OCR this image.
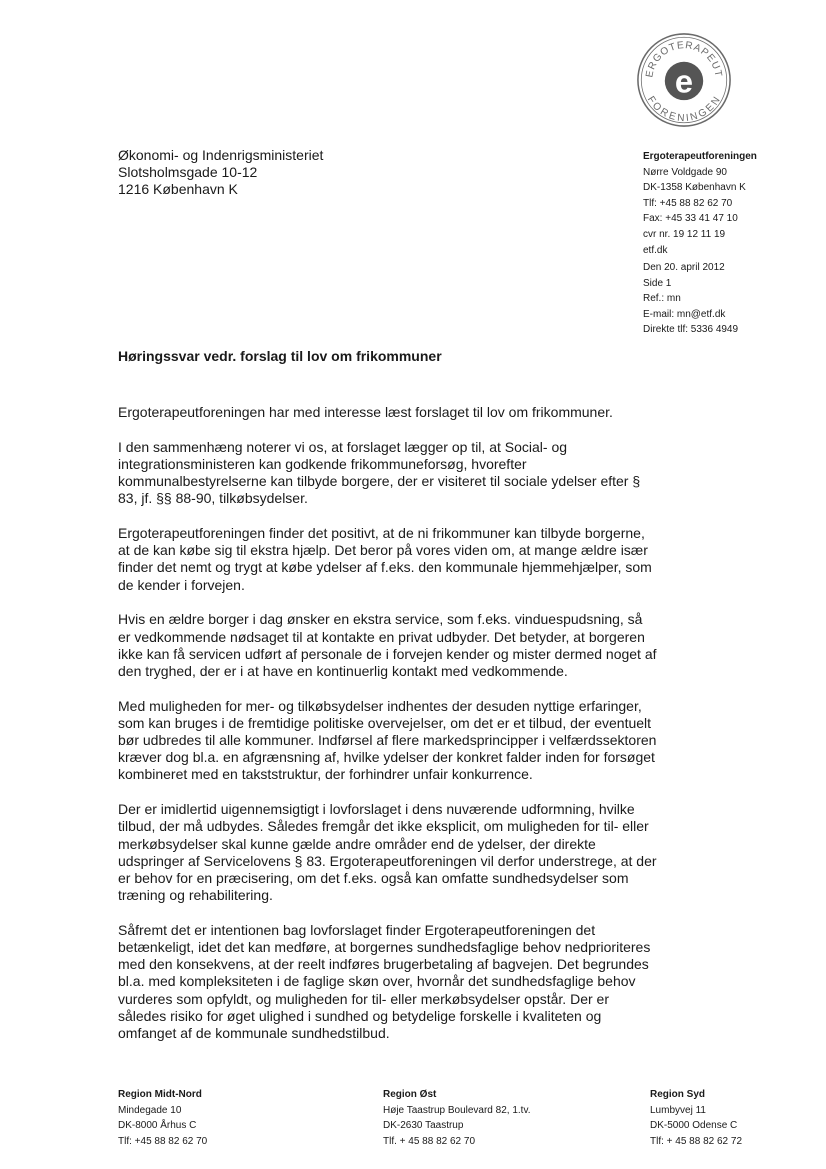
ERGOTERAPEUT
FORENINGEN
e
Økonomi- og Indenrigsministeriet
Slotsholmsgade 10-12
1216 København K
Ergoterapeutforeningen
Nørre Voldgade 90
DK-1358 København K
Tlf: +45 88 82 62 70
Fax: +45 33 41 47 10
cvr nr. 19 12 11 19
etf.dk
Den 20. april 2012
Side 1
Ref.: mn
E-mail: mn@etf.dk
Direkte tlf: 5336 4949
Høringssvar vedr. forslag til lov om frikommuner

Ergoterapeutforeningen har med interesse læst forslaget til lov om frikommuner.

I den sammenhæng noterer vi os, at forslaget lægger op til, at Social- og integrationsministeren kan godkende frikommuneforsøg, hvorefter kommunalbestyrelserne kan tilbyde borgere, der er visiteret til sociale ydelser efter § 83, jf. §§ 88-90, tilkøbsydelser.

Ergoterapeutforeningen finder det positivt, at de ni frikommuner kan tilbyde borgerne, at de kan købe sig til ekstra hjælp. Det beror på vores viden om, at mange ældre især finder det nemt og trygt at købe ydelser af f.eks. den kommunale hjemmehjælper, som de kender i forvejen.

Hvis en ældre borger i dag ønsker en ekstra service, som f.eks. vinduespudsning, så er vedkommende nødsaget til at kontakte en privat udbyder. Det betyder, at borgeren ikke kan få servicen udført af personale de i forvejen kender og mister dermed noget af den tryghed, der er i at have en kontinuerlig kontakt med vedkommende.

Med muligheden for mer- og tilkøbsydelser indhentes der desuden nyttige erfaringer, som kan bruges i de fremtidige politiske overvejelser, om det er et tilbud, der eventuelt bør udbredes til alle kommuner. Indførsel af flere markedsprincipper i velfærdssektoren kræver dog bl.a. en afgrænsning af, hvilke ydelser der konkret falder inden for forsøget kombineret med en takststruktur, der forhindrer unfair konkurrence.

Der er imidlertid uigennemsigtigt i lovforslaget i dens nuværende udformning, hvilke tilbud, der må udbydes. Således fremgår det ikke eksplicit, om muligheden for til- eller merkøbsydelser skal kunne gælde andre områder end de ydelser, der direkte udspringer af Servicelovens § 83. Ergoterapeutforeningen vil derfor understrege, at der er behov for en præcisering, om det f.eks. også kan omfatte sundhedsydelser som træning og rehabilitering.

Såfremt det er intentionen bag lovforslaget finder Ergoterapeutforeningen det betænkeligt, idet det kan medføre, at borgernes sundhedsfaglige behov nedprioriteres med den konsekvens, at der reelt indføres brugerbetaling af bagvejen. Det begrundes bl.a. med kompleksiteten i de faglige skøn over, hvornår det sundhedsfaglige behov vurderes som opfyldt, og muligheden for til- eller merkøbsydelser opstår. Der er således risiko for øget ulighed i sundhed og betydelige forskelle i kvaliteten og omfanget af de kommunale sundhedstilbud.

Region Midt-Nord
Mindegade 10
DK-8000 Århus C
Tlf: +45 88 82 62 70
Region Øst
Høje Taastrup Boulevard 82, 1.tv.
DK-2630 Taastrup
Tlf. + 45 88 82 62 70
Region Syd
Lumbyvej 11
DK-5000 Odense C
Tlf: + 45 88 82 62 72
